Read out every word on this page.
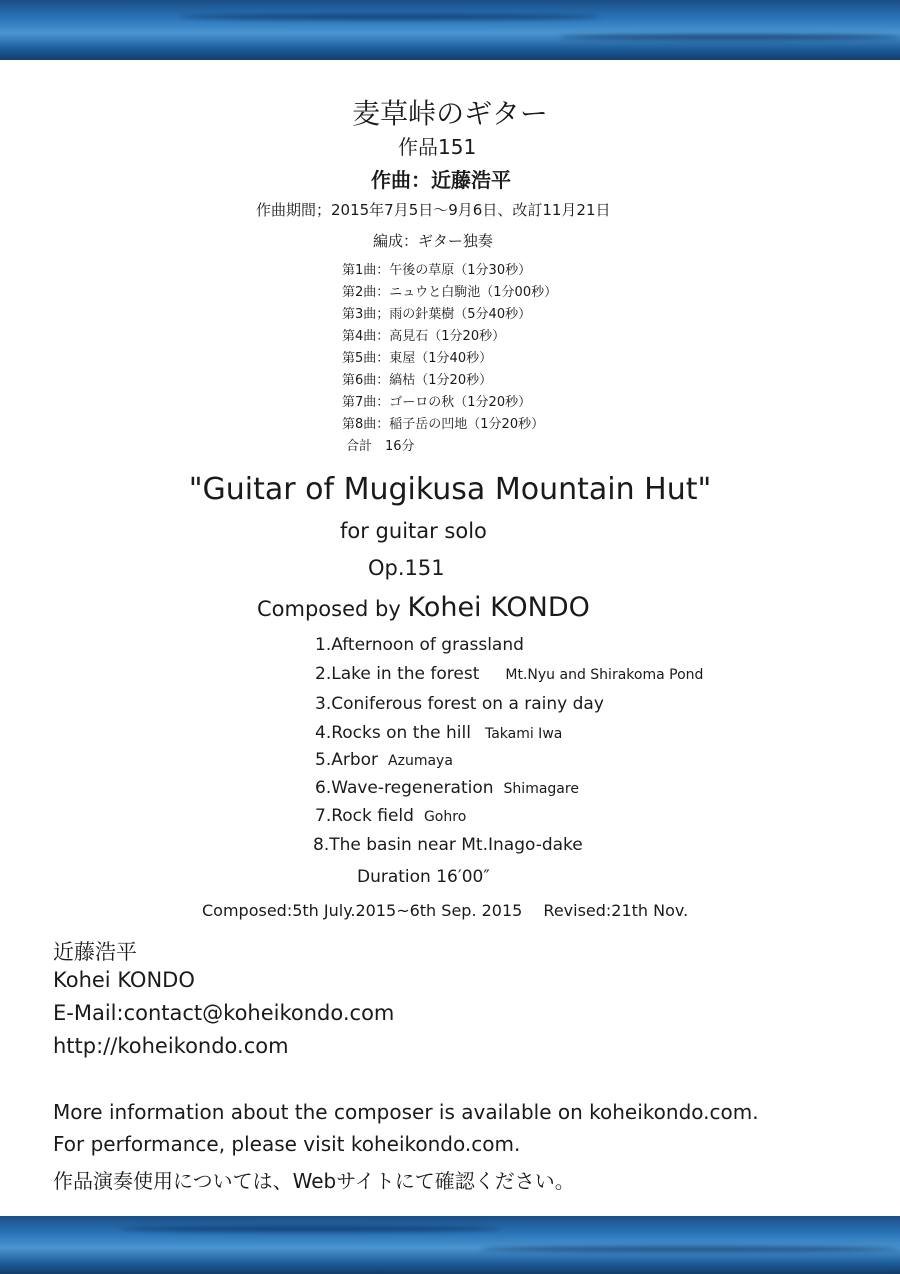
麦草峠のギター
作品151
作曲：近藤浩平
作曲期間；2015年7月5日～9月6日、改訂11月21日
編成：ギター独奏
第1曲：午後の草原（1分30秒）
第2曲：ニュウと白駒池（1分00秒）
第3曲；雨の針葉樹（5分40秒）
第4曲：高見石（1分20秒）
第5曲：東屋（1分40秒）
第6曲：縞枯（1分20秒）
第7曲：ゴーロの秋（1分20秒）
第8曲：稲子岳の凹地（1分20秒）
合計　16分
"Guitar of Mugikusa Mountain Hut"
for guitar solo
Op.151
Composed by Kohei KONDO
1.Afternoon of grassland
2.Lake in the forest Mt.Nyu and Shirakoma Pond
3.Coniferous forest on a rainy day
4.Rocks on the hill Takami Iwa
5.Arbor Azumaya
6.Wave-regeneration Shimagare
7.Rock field Gohro
8.The basin near Mt.Inago-dake
Duration 16′00″
Composed:5th July.2015~6th Sep. 2015　 Revised:21th Nov.
近藤浩平
Kohei KONDO
E-Mail:contact@koheikondo.com
http://koheikondo.com
More information about the composer is available on koheikondo.com.
For performance, please visit koheikondo.com.
作品演奏使用については、Webサイトにて確認ください。
